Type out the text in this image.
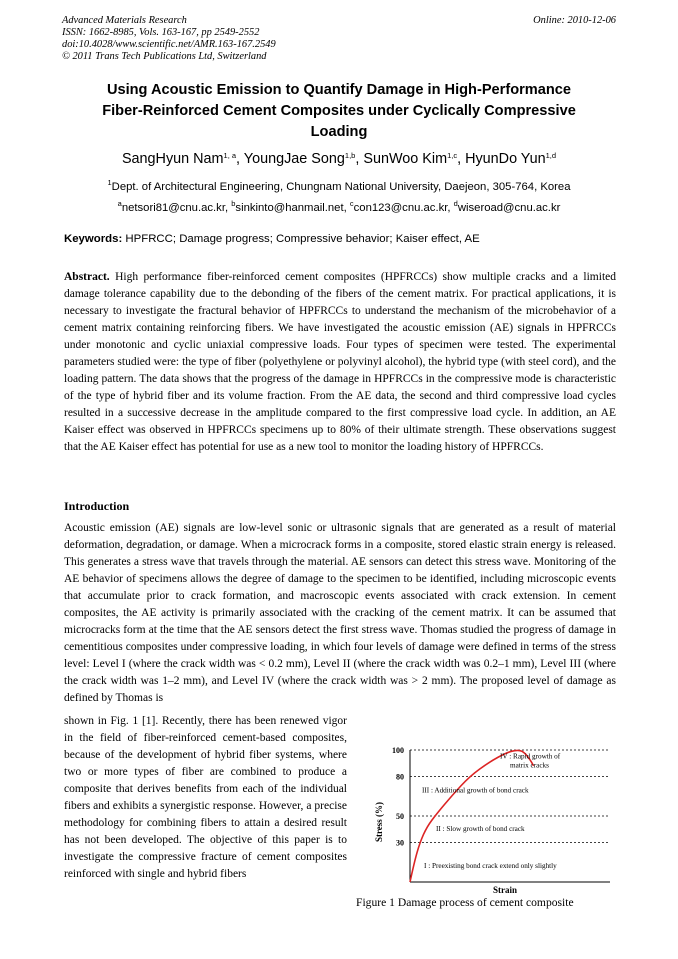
Advanced Materials Research
ISSN: 1662-8985, Vols. 163-167, pp 2549-2552
doi:10.4028/www.scientific.net/AMR.163-167.2549
© 2011 Trans Tech Publications Ltd, Switzerland
Online: 2010-12-06
Using Acoustic Emission to Quantify Damage in High-Performance
Fiber-Reinforced Cement Composites under Cyclically Compressive
Loading
SangHyun Nam$^{1, a}$, YoungJae Song$^{1,b}$, SunWoo Kim$^{1,c}$, HyunDo Yun$^{1,d}$
$^1$Dept. of Architectural Engineering, Chungnam National University, Daejeon, 305-764, Korea
$^a$netsori81@cnu.ac.kr, $^b$sinkinto@hanmail.net, $^c$con123@cnu.ac.kr, $^d$wiseroad@cnu.ac.kr
Keywords: HPFRCC; Damage progress; Compressive behavior; Kaiser effect, AE

Abstract. High performance fiber-reinforced cement composites (HPFRCCs) show multiple cracks and a limited damage tolerance capability due to the debonding of the fibers of the cement matrix. For practical applications, it is necessary to investigate the fractural behavior of HPFRCCs to understand the mechanism of the microbehavior of a cement matrix containing reinforcing fibers. We have investigated the acoustic emission (AE) signals in HPFRCCs under monotonic and cyclic uniaxial compressive loads. Four types of specimen were tested. The experimental parameters studied were: the type of fiber (polyethylene or polyvinyl alcohol), the hybrid type (with steel cord), and the loading pattern. The data shows that the progress of the damage in HPFRCCs in the compressive mode is characteristic of the type of hybrid fiber and its volume fraction. From the AE data, the second and third compressive load cycles resulted in a successive decrease in the amplitude compared to the first compressive load cycle. In addition, an AE Kaiser effect was observed in HPFRCCs specimens up to 80% of their ultimate strength. These observations suggest that the AE Kaiser effect has potential for use as a new tool to monitor the loading history of HPFRCCs.

Introduction

Acoustic emission (AE) signals are low-level sonic or ultrasonic signals that are generated as a result of material deformation, degradation, or damage. When a microcrack forms in a composite, stored elastic strain energy is released. This generates a stress wave that travels through the material. AE sensors can detect this stress wave. Monitoring of the AE behavior of specimens allows the degree of damage to the specimen to be identified, including microscopic events that accumulate prior to crack formation, and macroscopic events associated with crack extension. In cement composites, the AE activity is primarily associated with the cracking of the cement matrix. It can be assumed that microcracks form at the time that the AE sensors detect the first stress wave. Thomas studied the progress of damage in cementitious composites under compressive loading, in which four levels of damage were defined in terms of the stress level: Level I (where the crack width was < 0.2 mm), Level II (where the crack width was 0.2–1 mm), Level III (where the crack width was 1–2 mm), and Level IV (where the crack width was > 2 mm). The proposed level of damage as defined by Thomas is

shown in Fig. 1 [1]. Recently, there has been renewed vigor in the field of fiber-reinforced cement-based composites, because of the development of hybrid fiber systems, where two or more types of fiber are combined to produce a composite that derives benefits from each of the individual fibers and exhibits a synergistic response. However, a precise methodology for combining fibers to attain a desired result has not been developed. The objective of this paper is to investigate the compressive fracture of cement composites reinforced with single and hybrid fibers

30
50
80
100
IV : Rapid growth of
matrix cracks
III : Additional growth of bond crack
II : Slow growth of bond crack
I : Preexisting bond crack extend only slightly
Stress (%)
Strain
Figure 1 Damage process of cement composite
